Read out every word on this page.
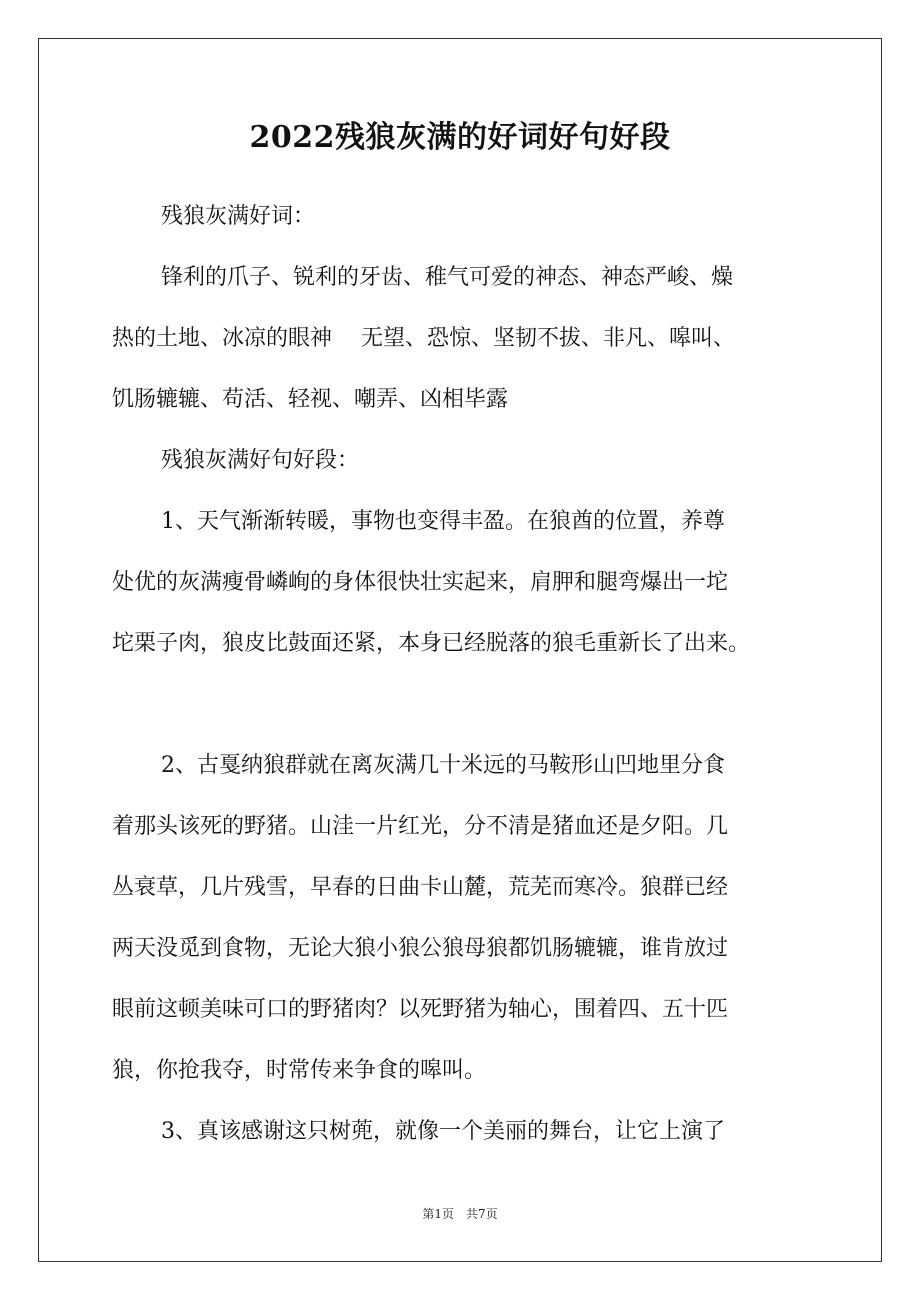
2022残狼灰满的好词好句好段

残狼灰满好词：

锋利的爪子、锐利的牙齿、稚气可爱的神态、神态严峻、燥
热的土地、冰凉的眼神　 无望、恐惊、坚韧不拔、非凡、嗥叫、
饥肠辘辘、苟活、轻视、嘲弄、凶相毕露

残狼灰满好句好段：

1、天气渐渐转暖，事物也变得丰盈。在狼酋的位置，养尊
处优的灰满瘦骨嶙峋的身体很快壮实起来，肩胛和腿弯爆出一坨
坨栗子肉，狼皮比鼓面还紧，本身已经脱落的狼毛重新长了出来。

2、古戛纳狼群就在离灰满几十米远的马鞍形山凹地里分食
着那头该死的野猪。山洼一片红光，分不清是猪血还是夕阳。几
丛衰草，几片残雪，早春的日曲卡山麓，荒芜而寒冷。狼群已经
两天没觅到食物，无论大狼小狼公狼母狼都饥肠辘辘，谁肯放过
眼前这顿美味可口的野猪肉？以死野猪为轴心，围着四、五十匹
狼，你抢我夺，时常传来争食的嗥叫。

3、真该感谢这只树蔸，就像一个美丽的舞台，让它上演了

第1页　共7页
